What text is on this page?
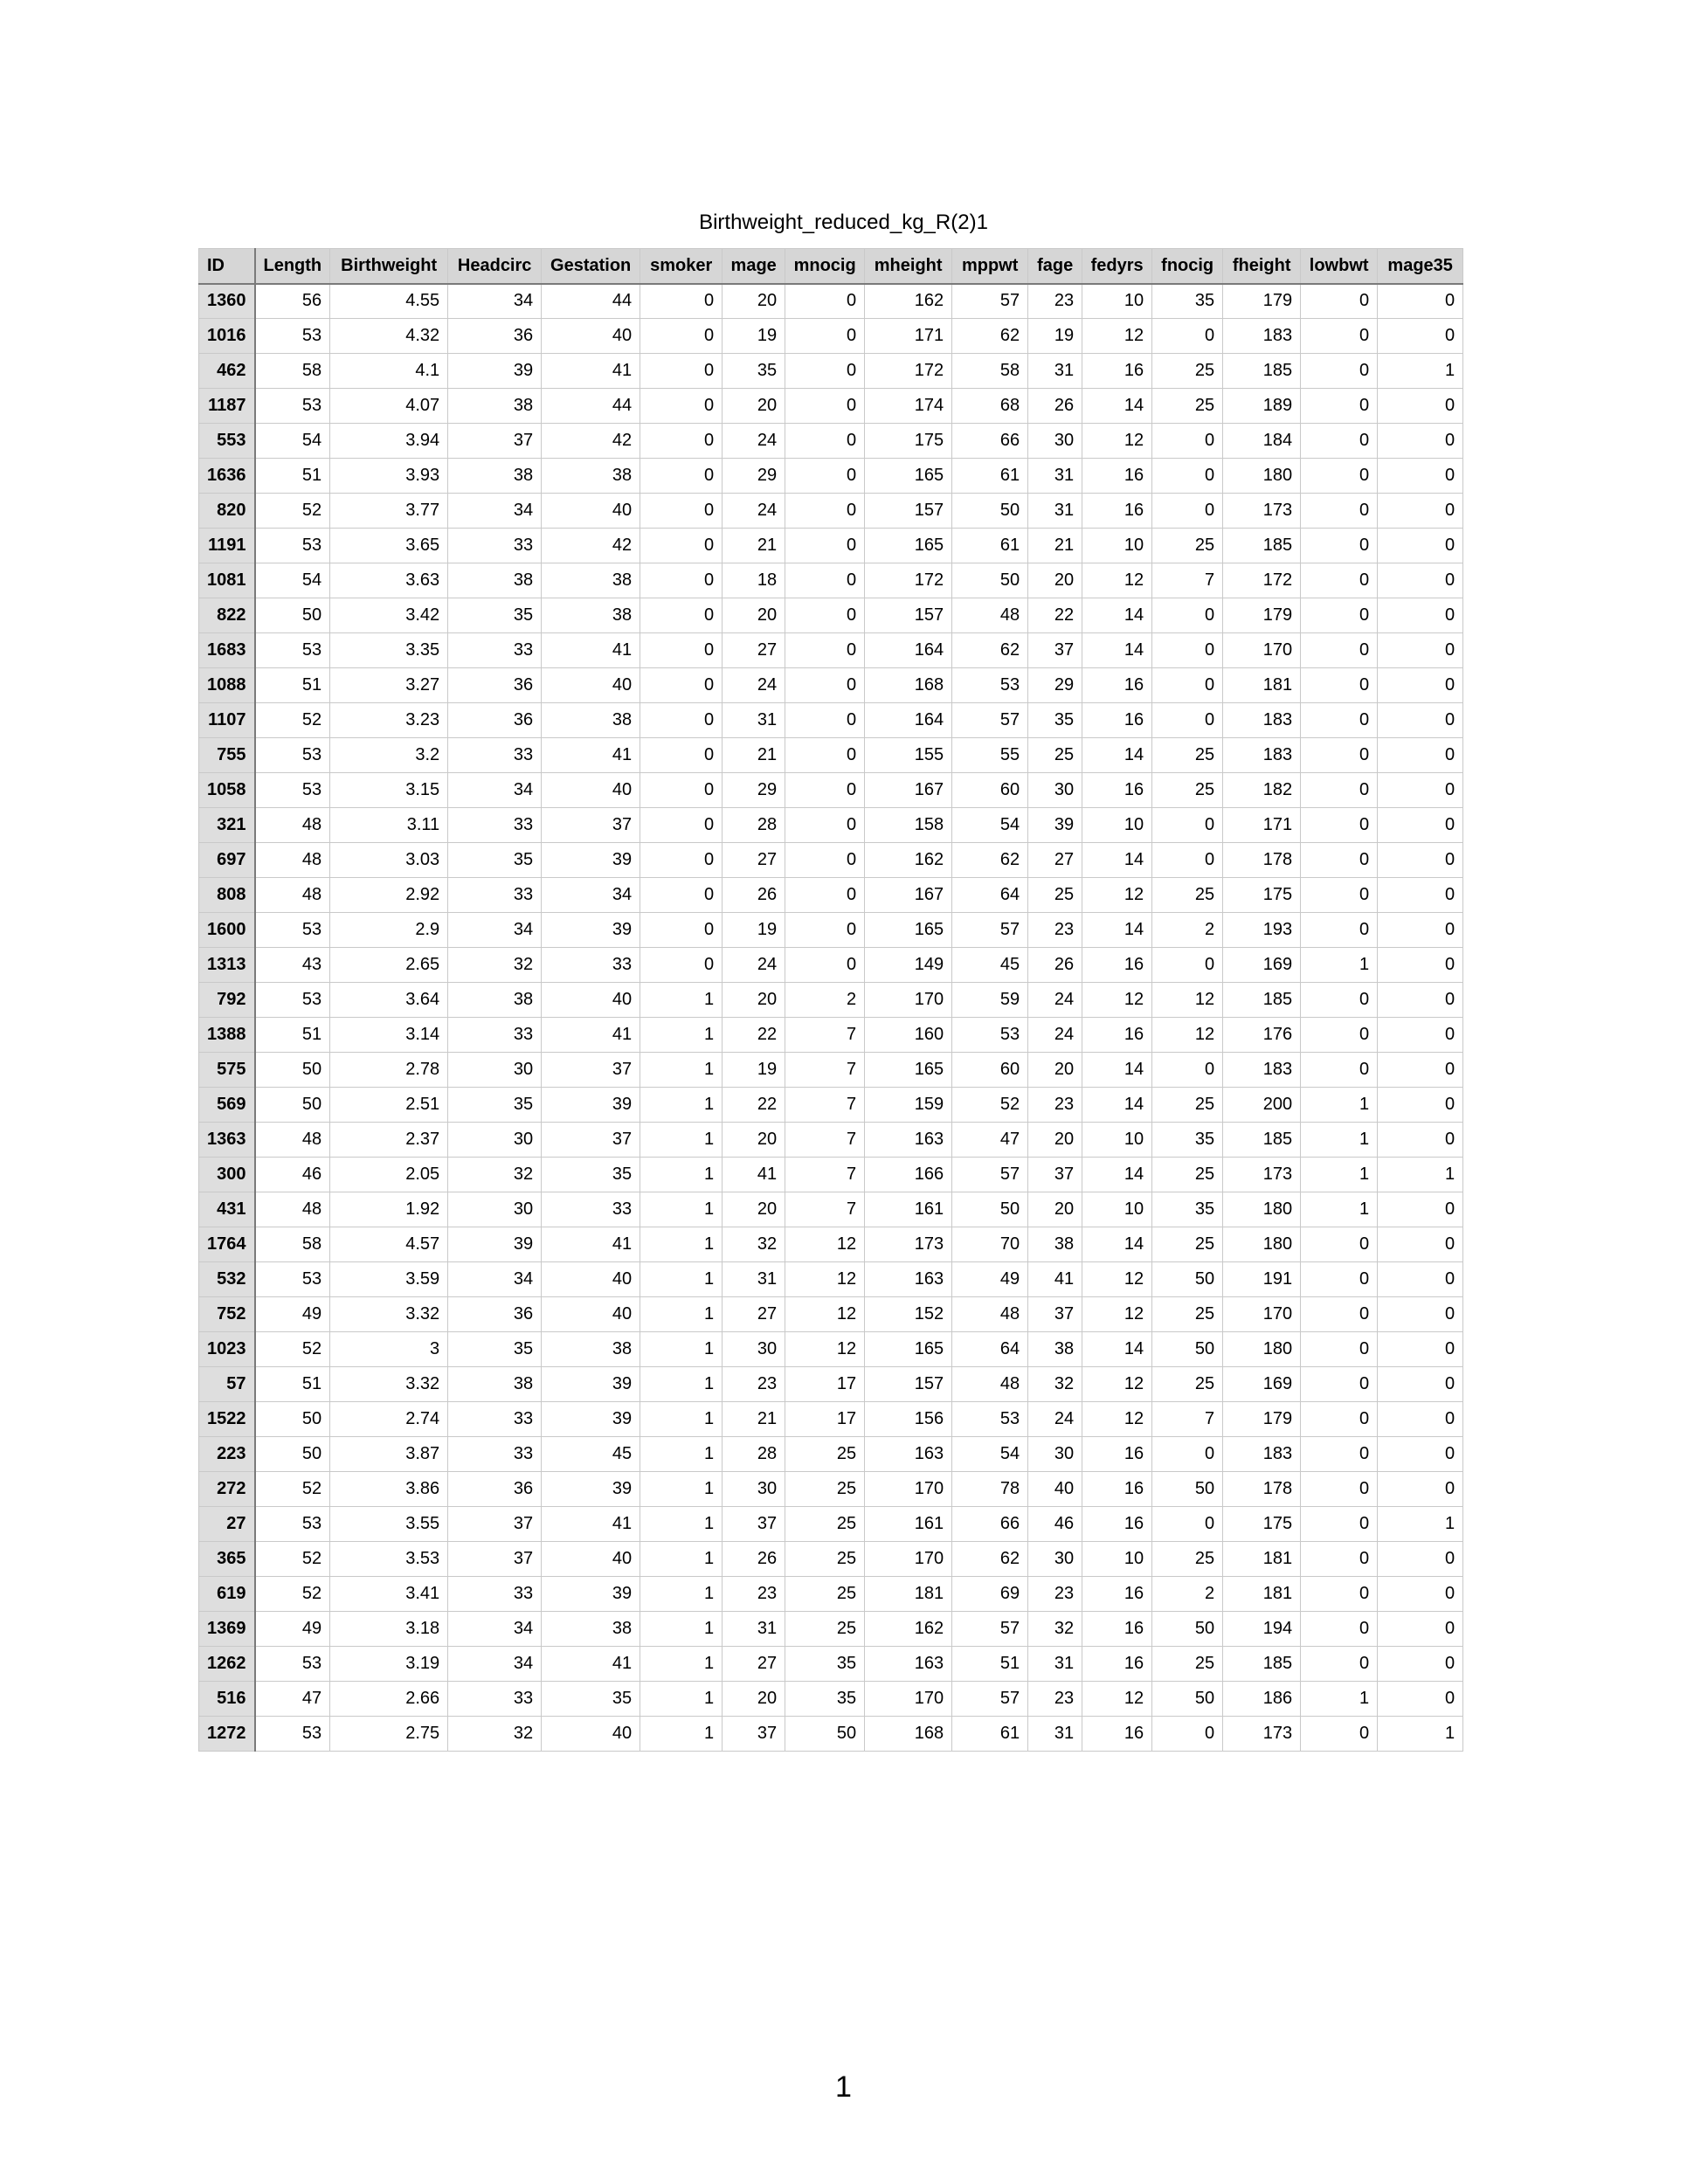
Birthweight_reduced_kg_R(2)1
ID	Length	Birthweight	Headcirc	Gestation	smoker	mage	mnocig	mheight	mppwt	fage	fedyrs	fnocig	fheight	lowbwt	mage35
1360	56	4.55	34	44	0	20	0	162	57	23	10	35	179	0	0
1016	53	4.32	36	40	0	19	0	171	62	19	12	0	183	0	0
462	58	4.1	39	41	0	35	0	172	58	31	16	25	185	0	1
1187	53	4.07	38	44	0	20	0	174	68	26	14	25	189	0	0
553	54	3.94	37	42	0	24	0	175	66	30	12	0	184	0	0
1636	51	3.93	38	38	0	29	0	165	61	31	16	0	180	0	0
820	52	3.77	34	40	0	24	0	157	50	31	16	0	173	0	0
1191	53	3.65	33	42	0	21	0	165	61	21	10	25	185	0	0
1081	54	3.63	38	38	0	18	0	172	50	20	12	7	172	0	0
822	50	3.42	35	38	0	20	0	157	48	22	14	0	179	0	0
1683	53	3.35	33	41	0	27	0	164	62	37	14	0	170	0	0
1088	51	3.27	36	40	0	24	0	168	53	29	16	0	181	0	0
1107	52	3.23	36	38	0	31	0	164	57	35	16	0	183	0	0
755	53	3.2	33	41	0	21	0	155	55	25	14	25	183	0	0
1058	53	3.15	34	40	0	29	0	167	60	30	16	25	182	0	0
321	48	3.11	33	37	0	28	0	158	54	39	10	0	171	0	0
697	48	3.03	35	39	0	27	0	162	62	27	14	0	178	0	0
808	48	2.92	33	34	0	26	0	167	64	25	12	25	175	0	0
1600	53	2.9	34	39	0	19	0	165	57	23	14	2	193	0	0
1313	43	2.65	32	33	0	24	0	149	45	26	16	0	169	1	0
792	53	3.64	38	40	1	20	2	170	59	24	12	12	185	0	0
1388	51	3.14	33	41	1	22	7	160	53	24	16	12	176	0	0
575	50	2.78	30	37	1	19	7	165	60	20	14	0	183	0	0
569	50	2.51	35	39	1	22	7	159	52	23	14	25	200	1	0
1363	48	2.37	30	37	1	20	7	163	47	20	10	35	185	1	0
300	46	2.05	32	35	1	41	7	166	57	37	14	25	173	1	1
431	48	1.92	30	33	1	20	7	161	50	20	10	35	180	1	0
1764	58	4.57	39	41	1	32	12	173	70	38	14	25	180	0	0
532	53	3.59	34	40	1	31	12	163	49	41	12	50	191	0	0
752	49	3.32	36	40	1	27	12	152	48	37	12	25	170	0	0
1023	52	3	35	38	1	30	12	165	64	38	14	50	180	0	0
57	51	3.32	38	39	1	23	17	157	48	32	12	25	169	0	0
1522	50	2.74	33	39	1	21	17	156	53	24	12	7	179	0	0
223	50	3.87	33	45	1	28	25	163	54	30	16	0	183	0	0
272	52	3.86	36	39	1	30	25	170	78	40	16	50	178	0	0
27	53	3.55	37	41	1	37	25	161	66	46	16	0	175	0	1
365	52	3.53	37	40	1	26	25	170	62	30	10	25	181	0	0
619	52	3.41	33	39	1	23	25	181	69	23	16	2	181	0	0
1369	49	3.18	34	38	1	31	25	162	57	32	16	50	194	0	0
1262	53	3.19	34	41	1	27	35	163	51	31	16	25	185	0	0
516	47	2.66	33	35	1	20	35	170	57	23	12	50	186	1	0
1272	53	2.75	32	40	1	37	50	168	61	31	16	0	173	0	1
1
